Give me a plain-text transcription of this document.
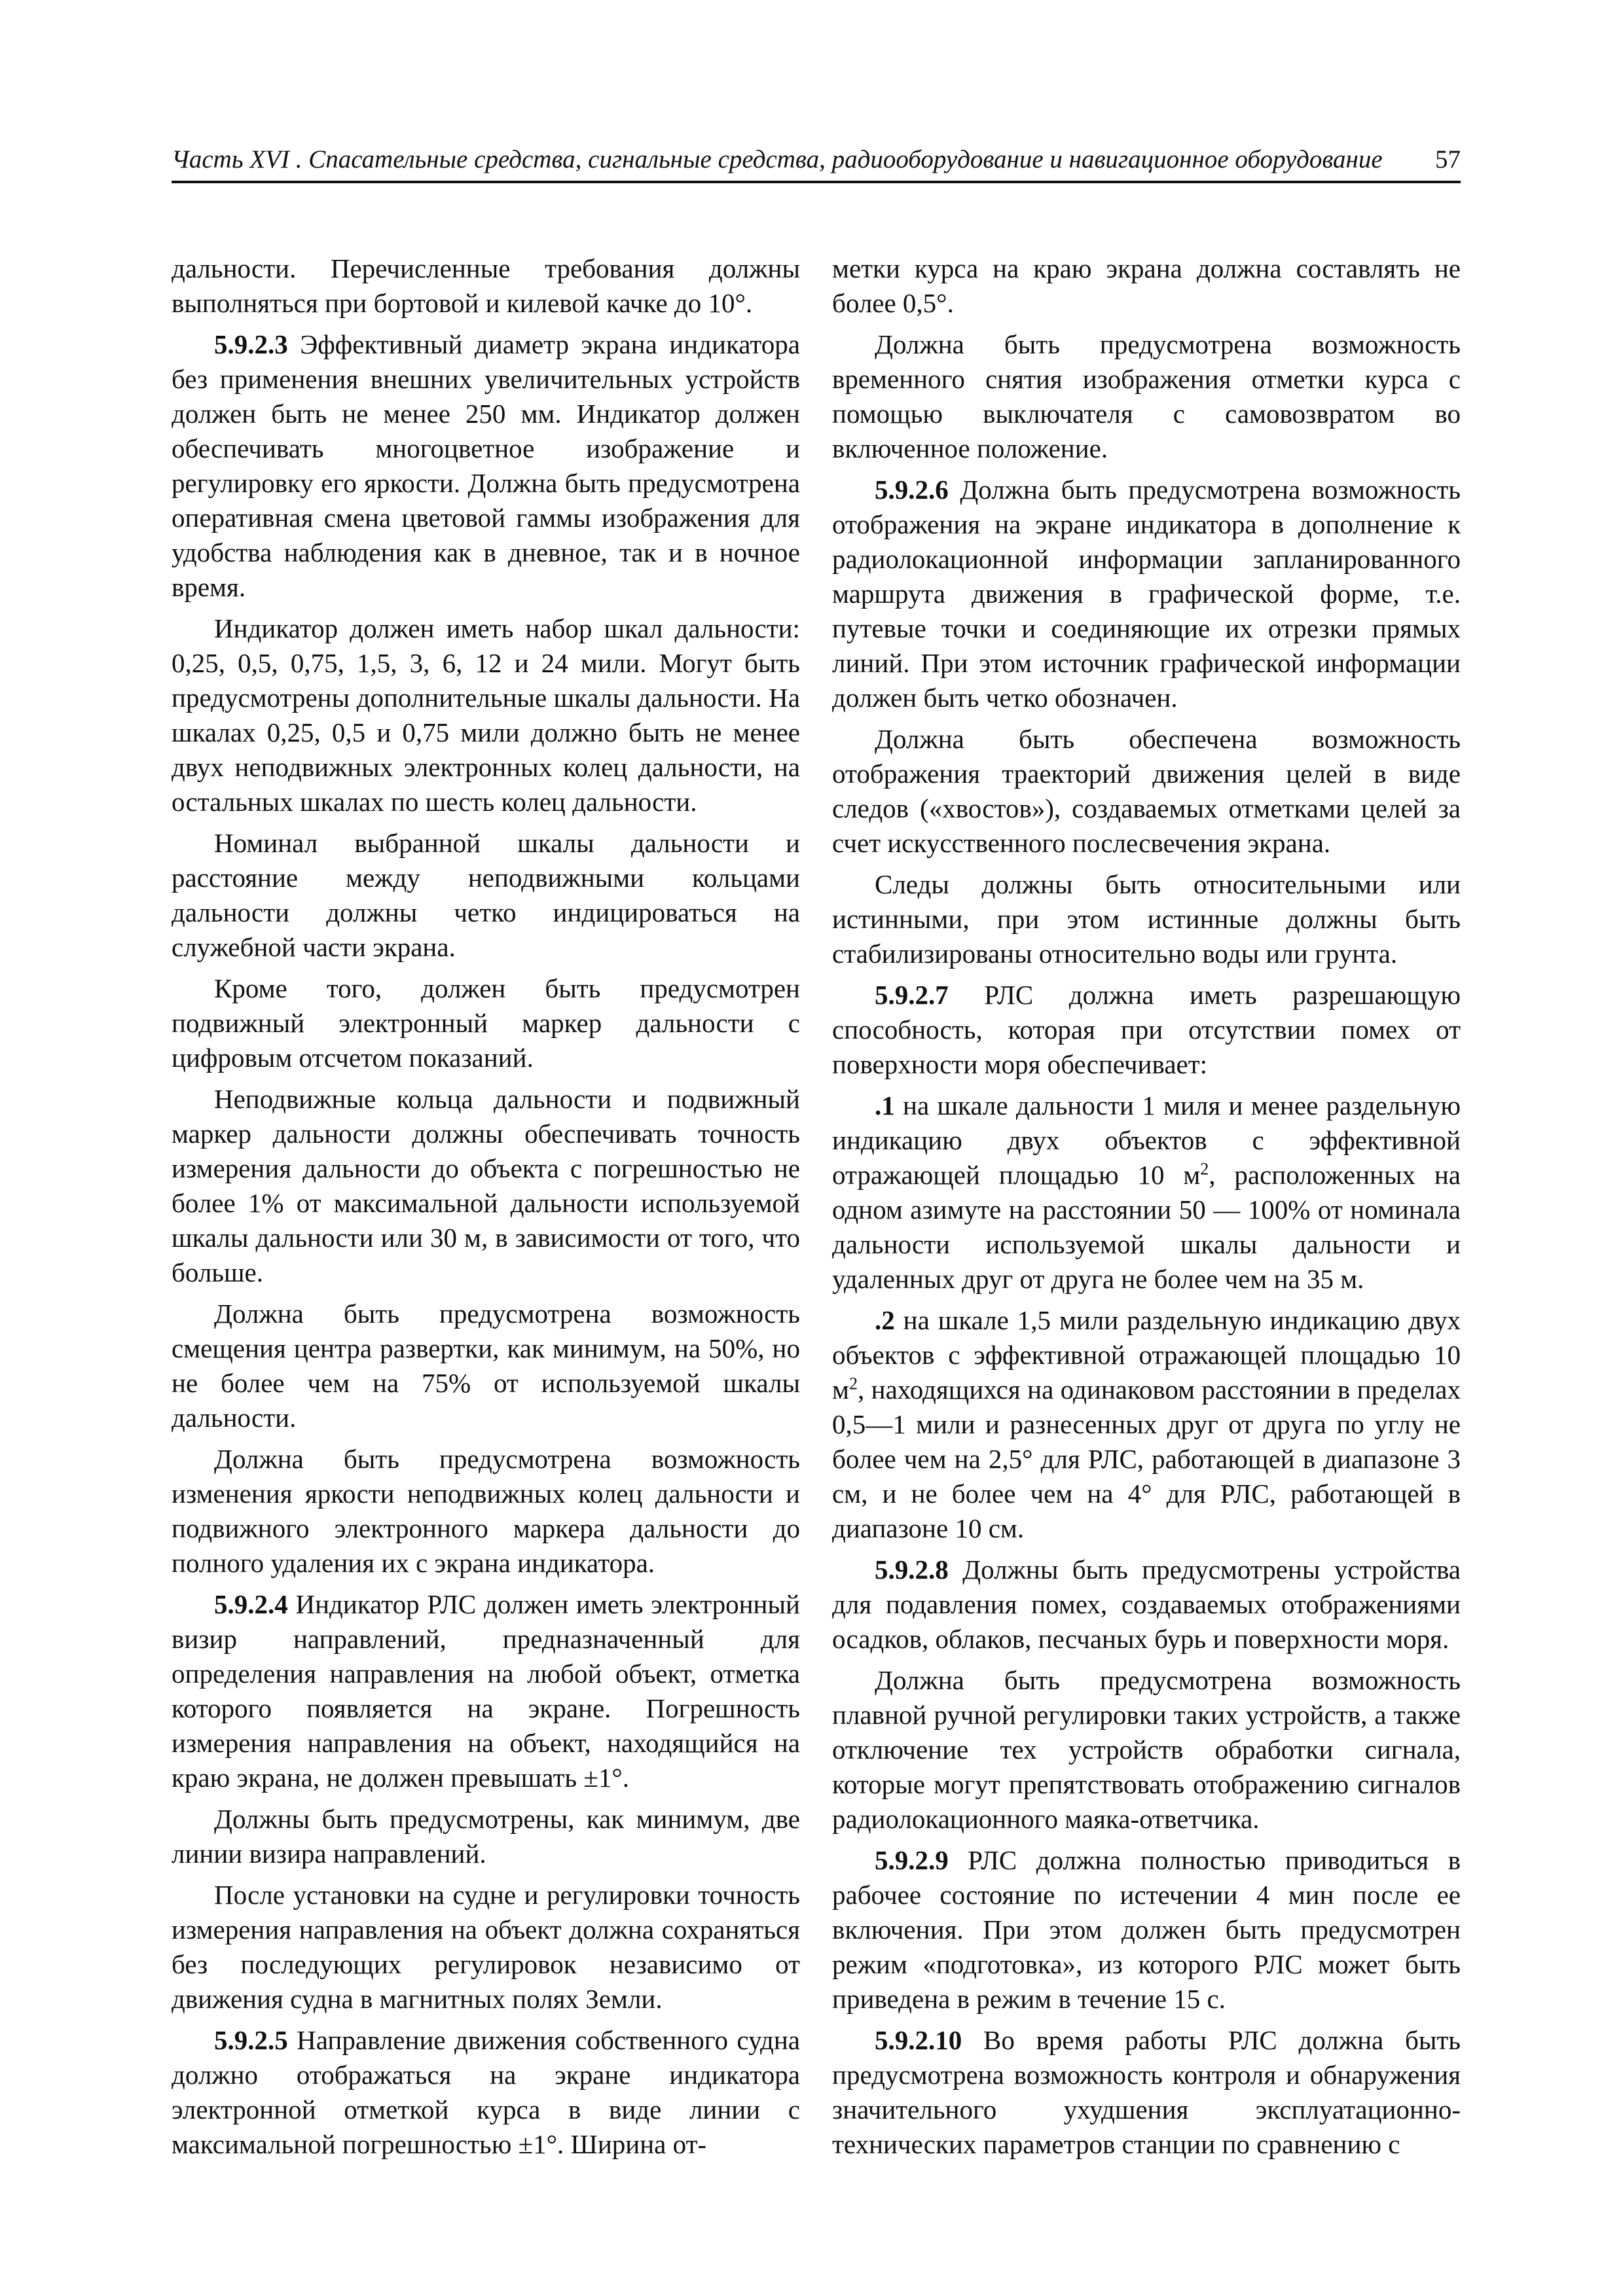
Часть XVI . Спасательные средства, сигнальные средства, радиооборудование и навигационное оборудование 57

дальности. Перечисленные требования должны выполняться при бортовой и килевой качке до 10°.

5.9.2.3 Эффективный диаметр экрана индикатора без применения внешних увеличительных устройств должен быть не менее 250 мм. Индикатор должен обеспечивать многоцветное изображение и регулировку его яркости. Должна быть предусмотрена оперативная смена цветовой гаммы изображения для удобства наблюдения как в дневное, так и в ночное время.

Индикатор должен иметь набор шкал дальности: 0,25, 0,5, 0,75, 1,5, 3, 6, 12 и 24 мили. Могут быть предусмотрены дополнительные шкалы дальности. На шкалах 0,25, 0,5 и 0,75 мили должно быть не менее двух неподвижных электронных колец дальности, на остальных шкалах по шесть колец дальности.

Номинал выбранной шкалы дальности и расстояние между неподвижными кольцами дальности должны четко индицироваться на служебной части экрана.

Кроме того, должен быть предусмотрен подвижный электронный маркер дальности с цифровым отсчетом показаний.

Неподвижные кольца дальности и подвижный маркер дальности должны обеспечивать точность измерения дальности до объекта с погрешностью не более 1% от максимальной дальности используемой шкалы дальности или 30 м, в зависимости от того, что больше.

Должна быть предусмотрена возможность смещения центра развертки, как минимум, на 50%, но не более чем на 75% от используемой шкалы дальности.

Должна быть предусмотрена возможность изменения яркости неподвижных колец дальности и подвижного электронного маркера дальности до полного удаления их с экрана индикатора.

5.9.2.4 Индикатор РЛС должен иметь электронный визир направлений, предназначенный для определения направления на любой объект, отметка которого появляется на экране. Погрешность измерения направления на объект, находящийся на краю экрана, не должен превышать ±1°.

Должны быть предусмотрены, как минимум, две линии визира направлений.

После установки на судне и регулировки точность измерения направления на объект должна сохраняться без последующих регулировок независимо от движения судна в магнитных полях Земли.

5.9.2.5 Направление движения собственного судна должно отображаться на экране индикатора электронной отметкой курса в виде линии с максимальной погрешностью ±1°. Ширина от-

метки курса на краю экрана должна составлять не более 0,5°.

Должна быть предусмотрена возможность временного снятия изображения отметки курса с помощью выключателя с самовозвратом во включенное положение.

5.9.2.6 Должна быть предусмотрена возможность отображения на экране индикатора в дополнение к радиолокационной информации запланированного маршрута движения в графической форме, т.е. путевые точки и соединяющие их отрезки прямых линий. При этом источник графической информации должен быть четко обозначен.

Должна быть обеспечена возможность отображения траекторий движения целей в виде следов («хвостов»), создаваемых отметками целей за счет искусственного послесвечения экрана.

Следы должны быть относительными или истинными, при этом истинные должны быть стабилизированы относительно воды или грунта.

5.9.2.7 РЛС должна иметь разрешающую способность, которая при отсутствии помех от поверхности моря обеспечивает:

.1 на шкале дальности 1 миля и менее раздельную индикацию двух объектов с эффективной отражающей площадью 10 $м^2$, расположенных на одном азимуте на расстоянии 50 — 100% от номинала дальности используемой шкалы дальности и удаленных друг от друга не более чем на 35 м.

.2 на шкале 1,5 мили раздельную индикацию двух объектов с эффективной отражающей площадью 10 $м^2$, находящихся на одинаковом расстоянии в пределах 0,5—1 мили и разнесенных друг от друга по углу не более чем на 2,5° для РЛС, работающей в диапазоне 3 см, и не более чем на 4° для РЛС, работающей в диапазоне 10 см.

5.9.2.8 Должны быть предусмотрены устройства для подавления помех, создаваемых отображениями осадков, облаков, песчаных бурь и поверхности моря.

Должна быть предусмотрена возможность плавной ручной регулировки таких устройств, а также отключение тех устройств обработки сигнала, которые могут препятствовать отображению сигналов радиолокационного маяка-ответчика.

5.9.2.9 РЛС должна полностью приводиться в рабочее состояние по истечении 4 мин после ее включения. При этом должен быть предусмотрен режим «подготовка», из которого РЛС может быть приведена в режим в течение 15 с.

5.9.2.10 Во время работы РЛС должна быть предусмотрена возможность контроля и обнаружения значительного ухудшения эксплуатационно-технических параметров станции по сравнению с
